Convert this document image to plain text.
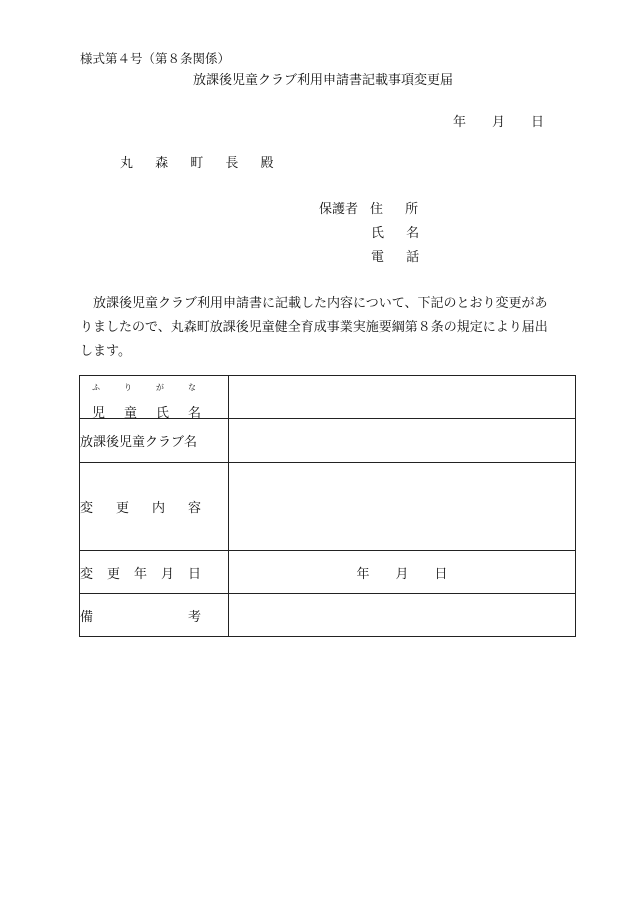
様式第４号（第８条関係）
放課後児童クラブ利用申請書記載事項変更届
年 月 日
丸 森 町 長 殿
保護者 住 所
氏 名
電 話
放課後児童クラブ利用申請書に記載した内容について、下記のとおり変更がありましたので、丸森町放課後児童健全育成事業実施要綱第８条の規定により届出します。
ふ り が な
児 童 氏 名	

放課後児童クラブ名	
変 更 内 容	
変 更 年 月 日	年 月 日
備 考	
